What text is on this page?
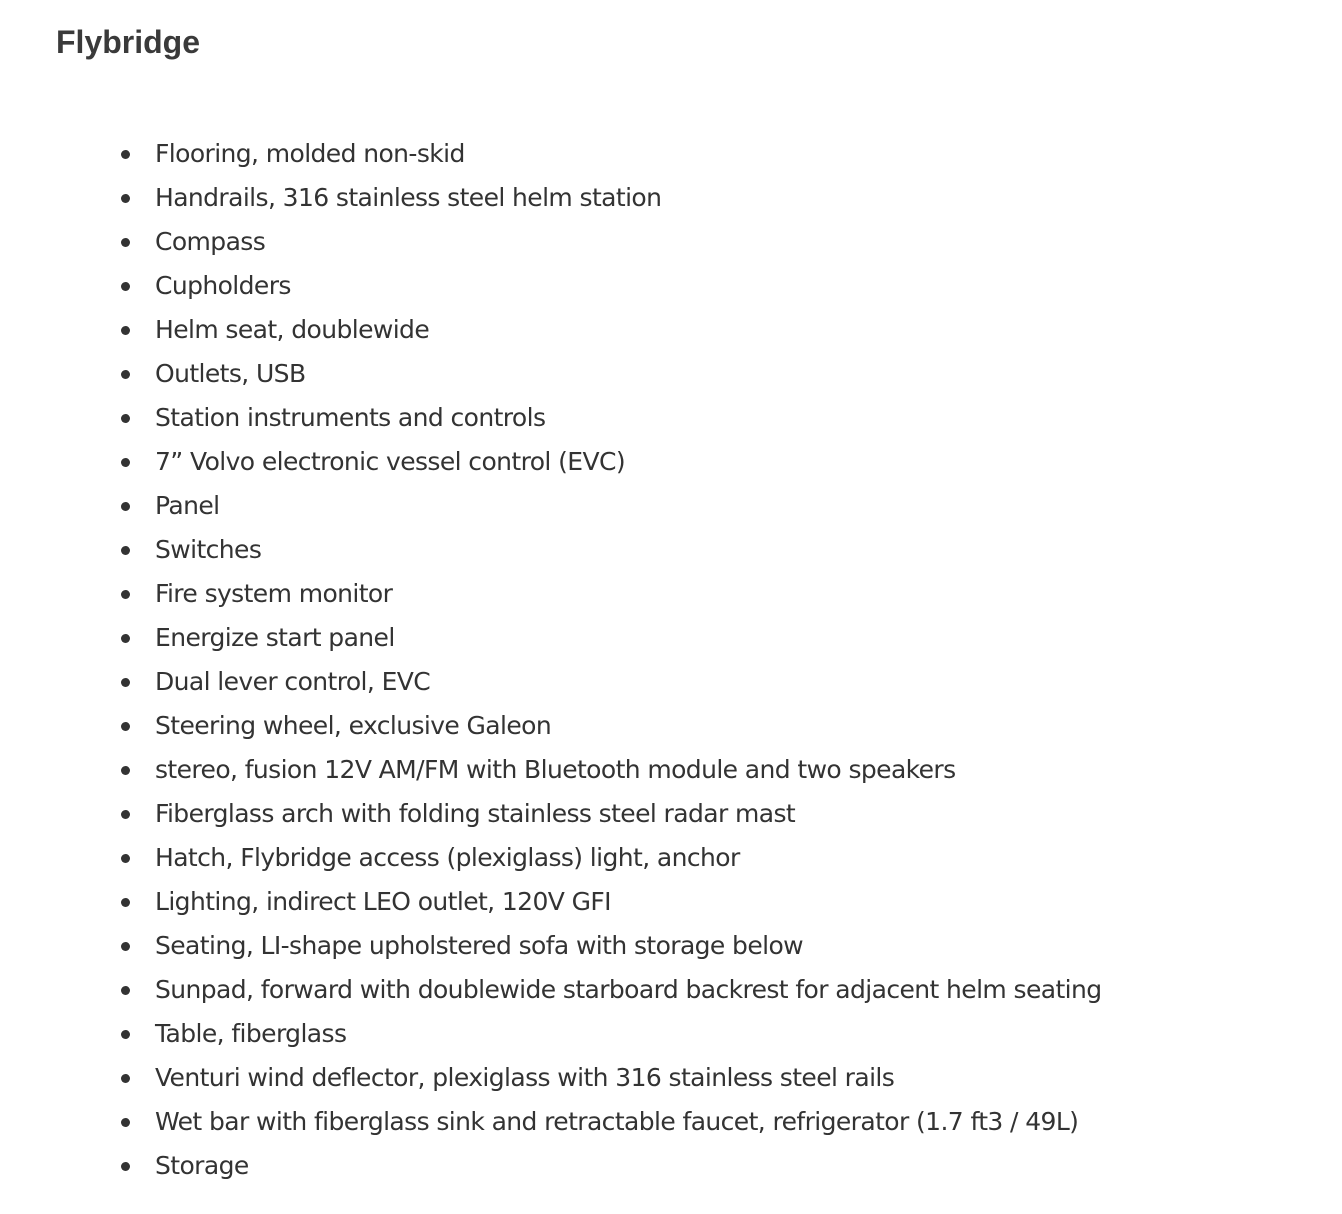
Flybridge
Flooring, molded non-skid
Handrails, 316 stainless steel helm station
Compass
Cupholders
Helm seat, doublewide
Outlets, USB
Station instruments and controls
7” Volvo electronic vessel control (EVC)
Panel
Switches
Fire system monitor
Energize start panel
Dual lever control, EVC
Steering wheel, exclusive Galeon
stereo, fusion 12V AM/FM with Bluetooth module and two speakers
Fiberglass arch with folding stainless steel radar mast
Hatch, Flybridge access (plexiglass) light, anchor
Lighting, indirect LEO outlet, 120V GFI
Seating, LI-shape upholstered sofa with storage below
Sunpad, forward with doublewide starboard backrest for adjacent helm seating
Table, fiberglass
Venturi wind deflector, plexiglass with 316 stainless steel rails
Wet bar with fiberglass sink and retractable faucet, refrigerator (1.7 ft3 / 49L)
Storage
